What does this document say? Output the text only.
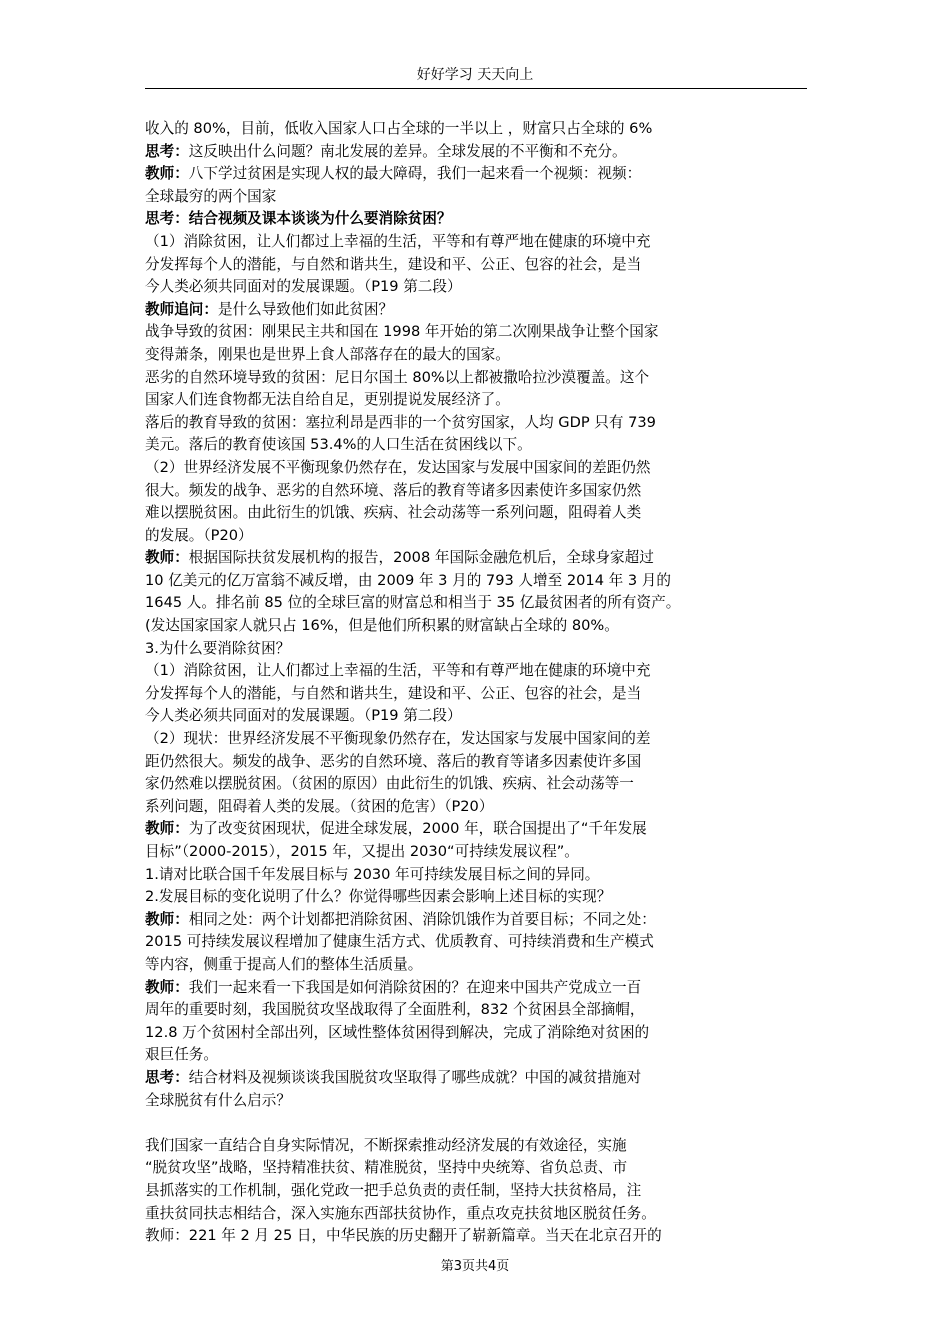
好好学习 天天向上

收入的 80%，目前，低收入国家人口占全球的一半以上 ，财富只占全球的 6%

思考：这反映出什么问题？南北发展的差异。全球发展的不平衡和不充分。

教师：八下学过贫困是实现人权的最大障碍，我们一起来看一个视频：视频：

全球最穷的两个国家

思考：结合视频及课本谈谈为什么要消除贫困？

（1）消除贫困，让人们都过上幸福的生活，平等和有尊严地在健康的环境中充

分发挥每个人的潜能，与自然和谐共生，建设和平、公正、包容的社会，是当

今人类必须共同面对的发展课题。（P19 第二段）

教师追问：是什么导致他们如此贫困？

战争导致的贫困：刚果民主共和国在 1998 年开始的第二次刚果战争让整个国家

变得萧条，刚果也是世界上食人部落存在的最大的国家。

恶劣的自然环境导致的贫困：尼日尔国土 80%以上都被撒哈拉沙漠覆盖。这个

国家人们连食物都无法自给自足，更别提说发展经济了。

落后的教育导致的贫困：塞拉利昂是西非的一个贫穷国家，人均 GDP 只有 739

美元。落后的教育使该国 53.4%的人口生活在贫困线以下。

（2）世界经济发展不平衡现象仍然存在，发达国家与发展中国家间的差距仍然

很大。频发的战争、恶劣的自然环境、落后的教育等诸多因素使许多国家仍然

难以摆脱贫困。由此衍生的饥饿、疾病、社会动荡等一系列问题，阻碍着人类

的发展。（P20）

教师：根据国际扶贫发展机构的报告，2008 年国际金融危机后，全球身家超过

10 亿美元的亿万富翁不减反增，由 2009 年 3 月的 793 人增至 2014 年 3 月的

1645 人。排名前 85 位的全球巨富的财富总和相当于 35 亿最贫困者的所有资产。

(发达国家国家人就只占 16%，但是他们所积累的财富缺占全球的 80%。

3.为什么要消除贫困？

（1）消除贫困，让人们都过上幸福的生活，平等和有尊严地在健康的环境中充

分发挥每个人的潜能，与自然和谐共生，建设和平、公正、包容的社会，是当

今人类必须共同面对的发展课题。（P19 第二段）

（2）现状：世界经济发展不平衡现象仍然存在，发达国家与发展中国家间的差

距仍然很大。频发的战争、恶劣的自然环境、落后的教育等诸多因素使许多国

家仍然难以摆脱贫困。（贫困的原因）由此衍生的饥饿、疾病、社会动荡等一

系列问题，阻碍着人类的发展。（贫困的危害）（P20）

教师：为了改变贫困现状，促进全球发展，2000 年，联合国提出了“千年发展

目标”（2000-2015），2015 年，又提出 2030“可持续发展议程”。

1.请对比联合国千年发展目标与 2030 年可持续发展目标之间的异同。

2.发展目标的变化说明了什么？你觉得哪些因素会影响上述目标的实现？

教师：相同之处：两个计划都把消除贫困、消除饥饿作为首要目标；不同之处：

2015 可持续发展议程增加了健康生活方式、优质教育、可持续消费和生产模式

等内容，侧重于提高人们的整体生活质量。

教师：我们一起来看一下我国是如何消除贫困的？在迎来中国共产党成立一百

周年的重要时刻，我国脱贫攻坚战取得了全面胜利，832 个贫困县全部摘帽，

12.8 万个贫困村全部出列，区域性整体贫困得到解决，完成了消除绝对贫困的

艰巨任务。

思考：结合材料及视频谈谈我国脱贫攻坚取得了哪些成就？中国的减贫措施对

全球脱贫有什么启示？

我们国家一直结合自身实际情况，不断探索推动经济发展的有效途径，实施

“脱贫攻坚”战略，坚持精准扶贫、精准脱贫，坚持中央统筹、省负总责、市

县抓落实的工作机制，强化党政一把手总负责的责任制，坚持大扶贫格局，注

重扶贫同扶志相结合，深入实施东西部扶贫协作，重点攻克扶贫地区脱贫任务。

教师：221 年 2 月 25 日，中华民族的历史翻开了崭新篇章。当天在北京召开的

第3页共4页
